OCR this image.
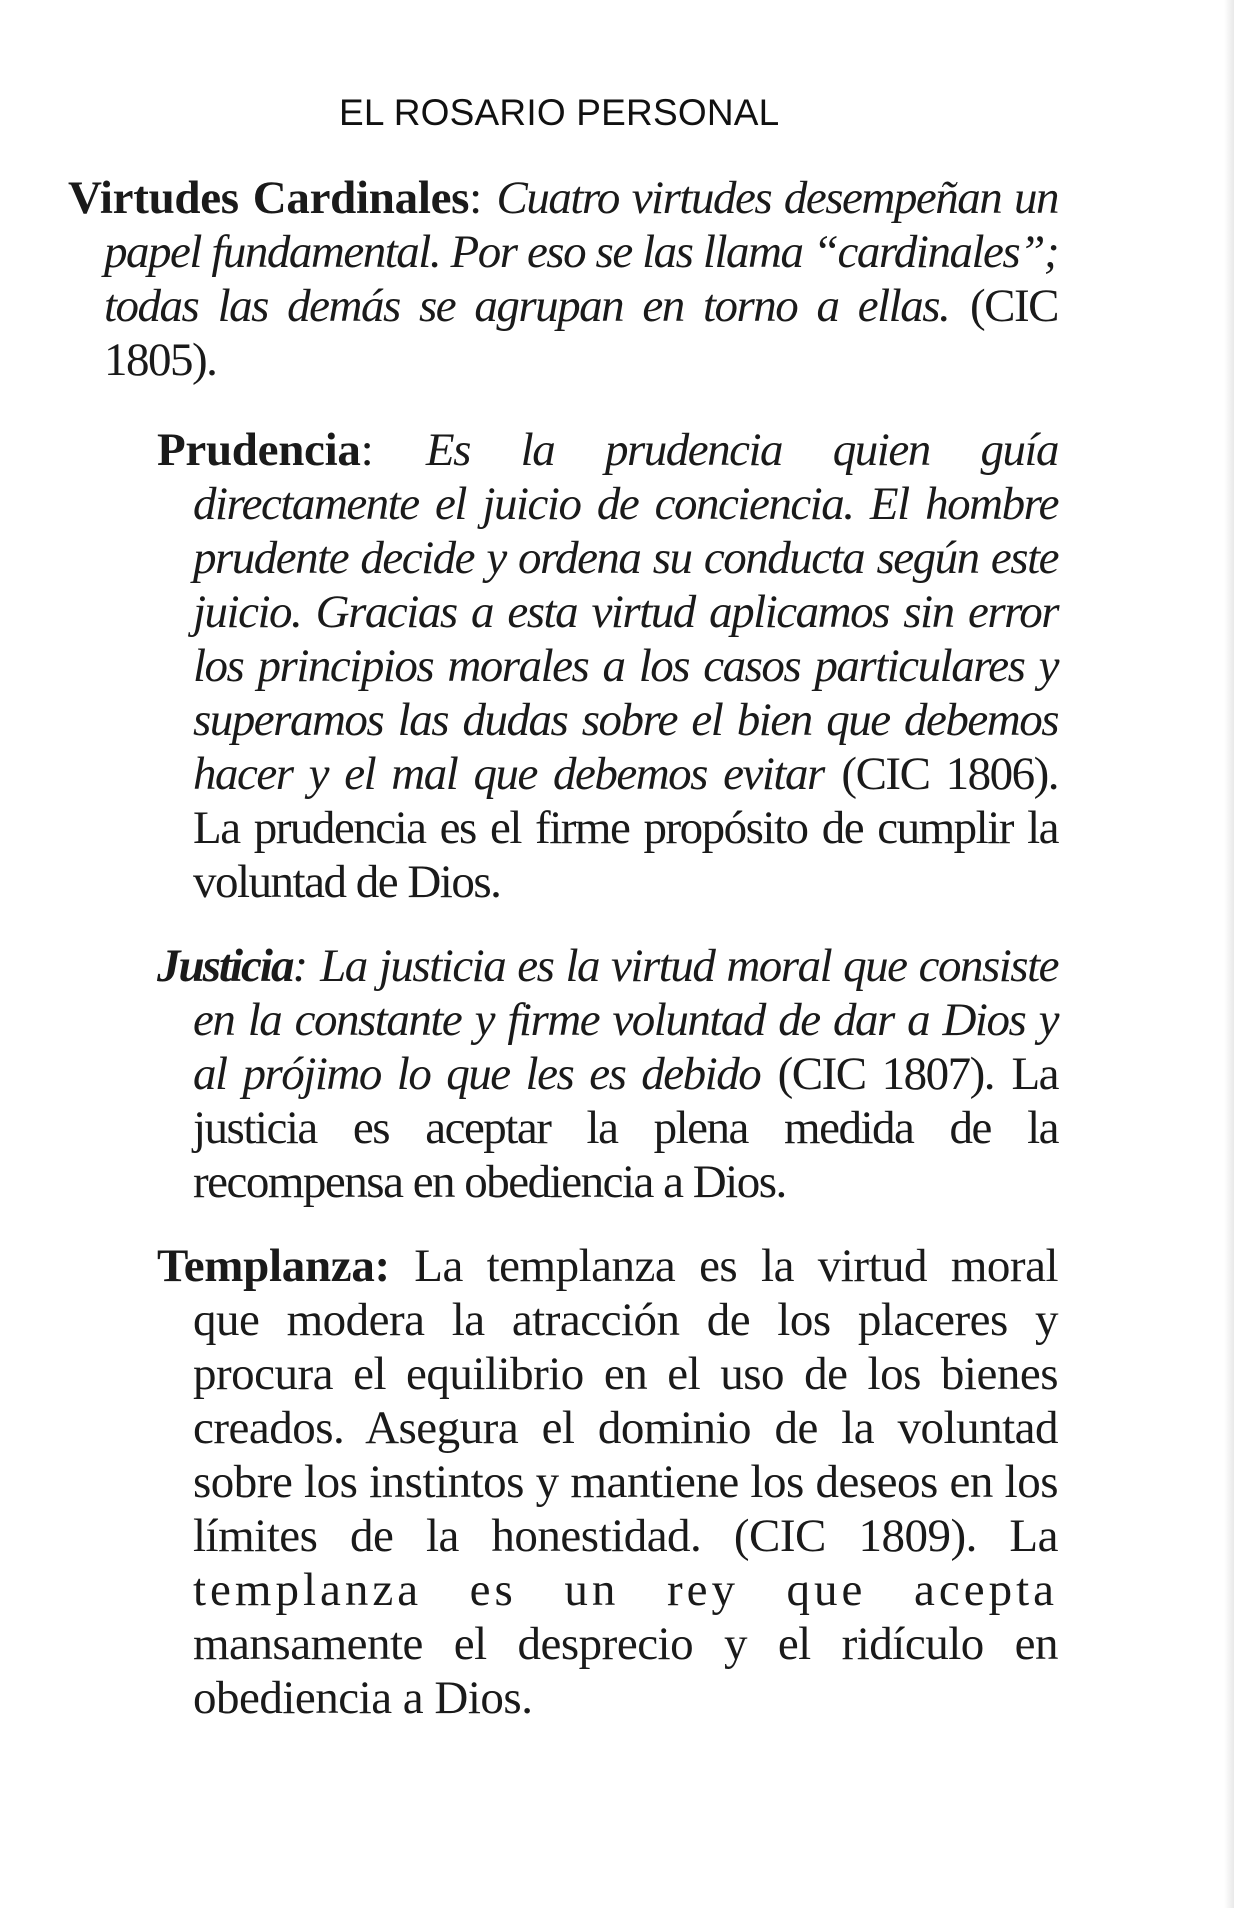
EL ROSARIO PERSONAL

Virtudes Cardinales: Cuatro virtudes desempeñan un papel fundamental. Por eso se las llama “cardinales”; todas las demás se agrupan en torno a ellas. (CIC 1805).

Prudencia: Es la prudencia quien guía directamente el juicio de conciencia. El hombre prudente decide y ordena su conducta según este juicio. Gracias a esta virtud aplicamos sin error los principios morales a los casos particulares y superamos las dudas sobre el bien que debemos hacer y el mal que debemos evitar (CIC 1806). La prudencia es el firme propósito de cumplir la voluntad de Dios.

Justicia: La justicia es la virtud moral que consiste en la constante y firme voluntad de dar a Dios y al prójimo lo que les es debido (CIC 1807). La justicia es aceptar la plena medida de la recompensa en obediencia a Dios.

Templanza: La templanza es la virtud moral que modera la atracción de los placeres y procura el equilibrio en el uso de los bienes creados. Asegura el dominio de la voluntad sobre los instintos y mantiene los deseos en los límites de la honestidad. (CIC 1809). La templanza es un rey que acepta mansamente el desprecio y el ridículo en obediencia a Dios.
